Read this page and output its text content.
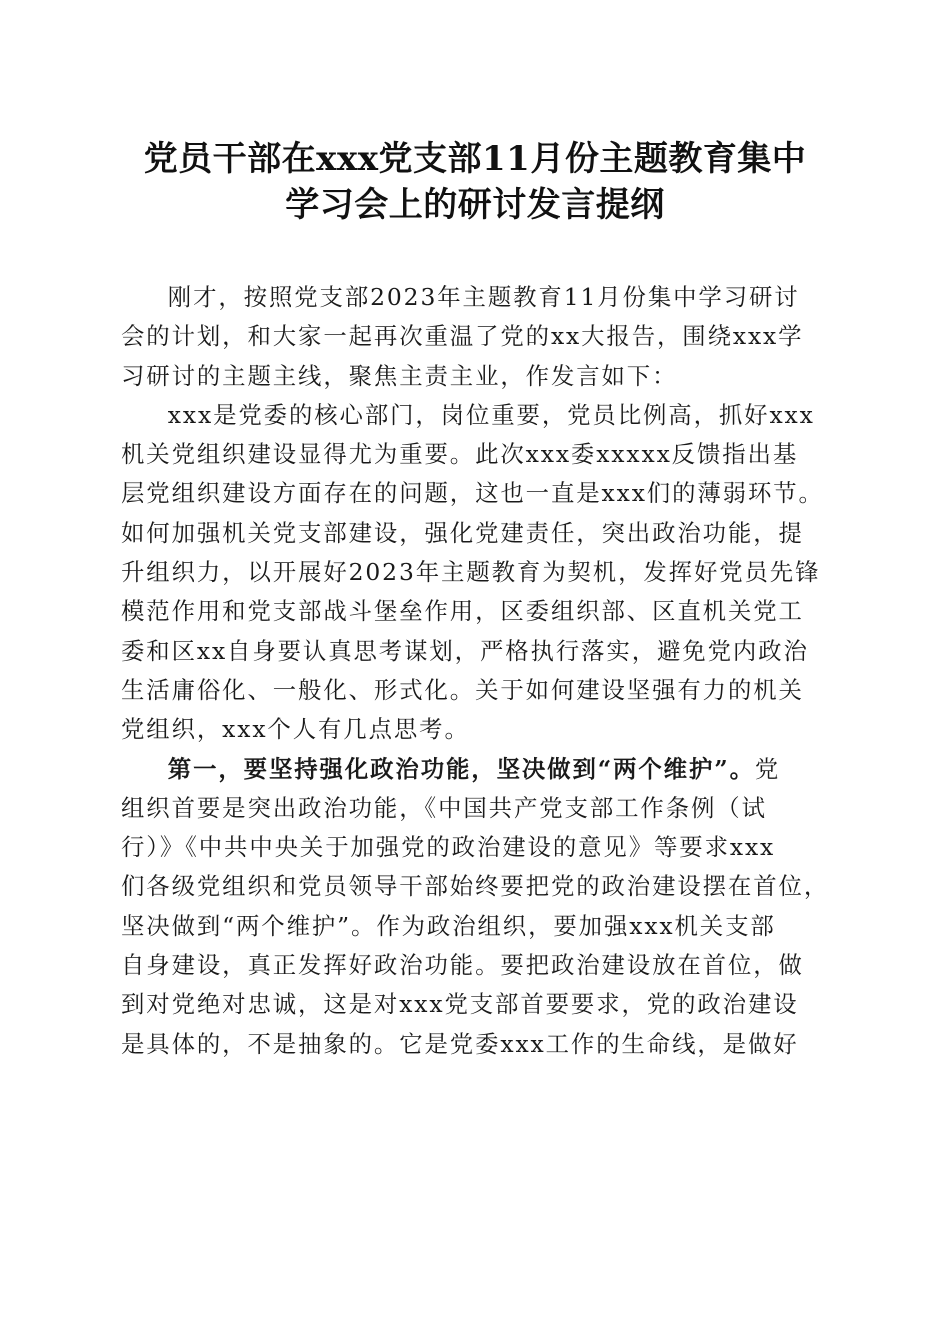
党员干部在xxx党支部11月份主题教育集中
学习会上的研讨发言提纲

刚才，按照党支部2023年主题教育11月份集中学习研讨
会的计划，和大家一起再次重温了党的xx大报告，围绕xxx学
习研讨的主题主线，聚焦主责主业，作发言如下：

xxx是党委的核心部门，岗位重要，党员比例高，抓好xxx
机关党组织建设显得尤为重要。此次xxx委xxxxx反馈指出基
层党组织建设方面存在的问题，这也一直是xxx们的薄弱环节。
如何加强机关党支部建设，强化党建责任，突出政治功能，提
升组织力，以开展好2023年主题教育为契机，发挥好党员先锋
模范作用和党支部战斗堡垒作用，区委组织部、区直机关党工
委和区xx自身要认真思考谋划，严格执行落实，避免党内政治
生活庸俗化、一般化、形式化。关于如何建设坚强有力的机关
党组织，xxx个人有几点思考。

第一，要坚持强化政治功能，坚决做到“两个维护”。党
组织首要是突出政治功能，《中国共产党支部工作条例（试
行）》《中共中央关于加强党的政治建设的意见》等要求xxx
们各级党组织和党员领导干部始终要把党的政治建设摆在首位，
坚决做到“两个维护”。作为政治组织，要加强xxx机关支部
自身建设，真正发挥好政治功能。要把政治建设放在首位，做
到对党绝对忠诚，这是对xxx党支部首要要求，党的政治建设
是具体的，不是抽象的。它是党委xxx工作的生命线，是做好
